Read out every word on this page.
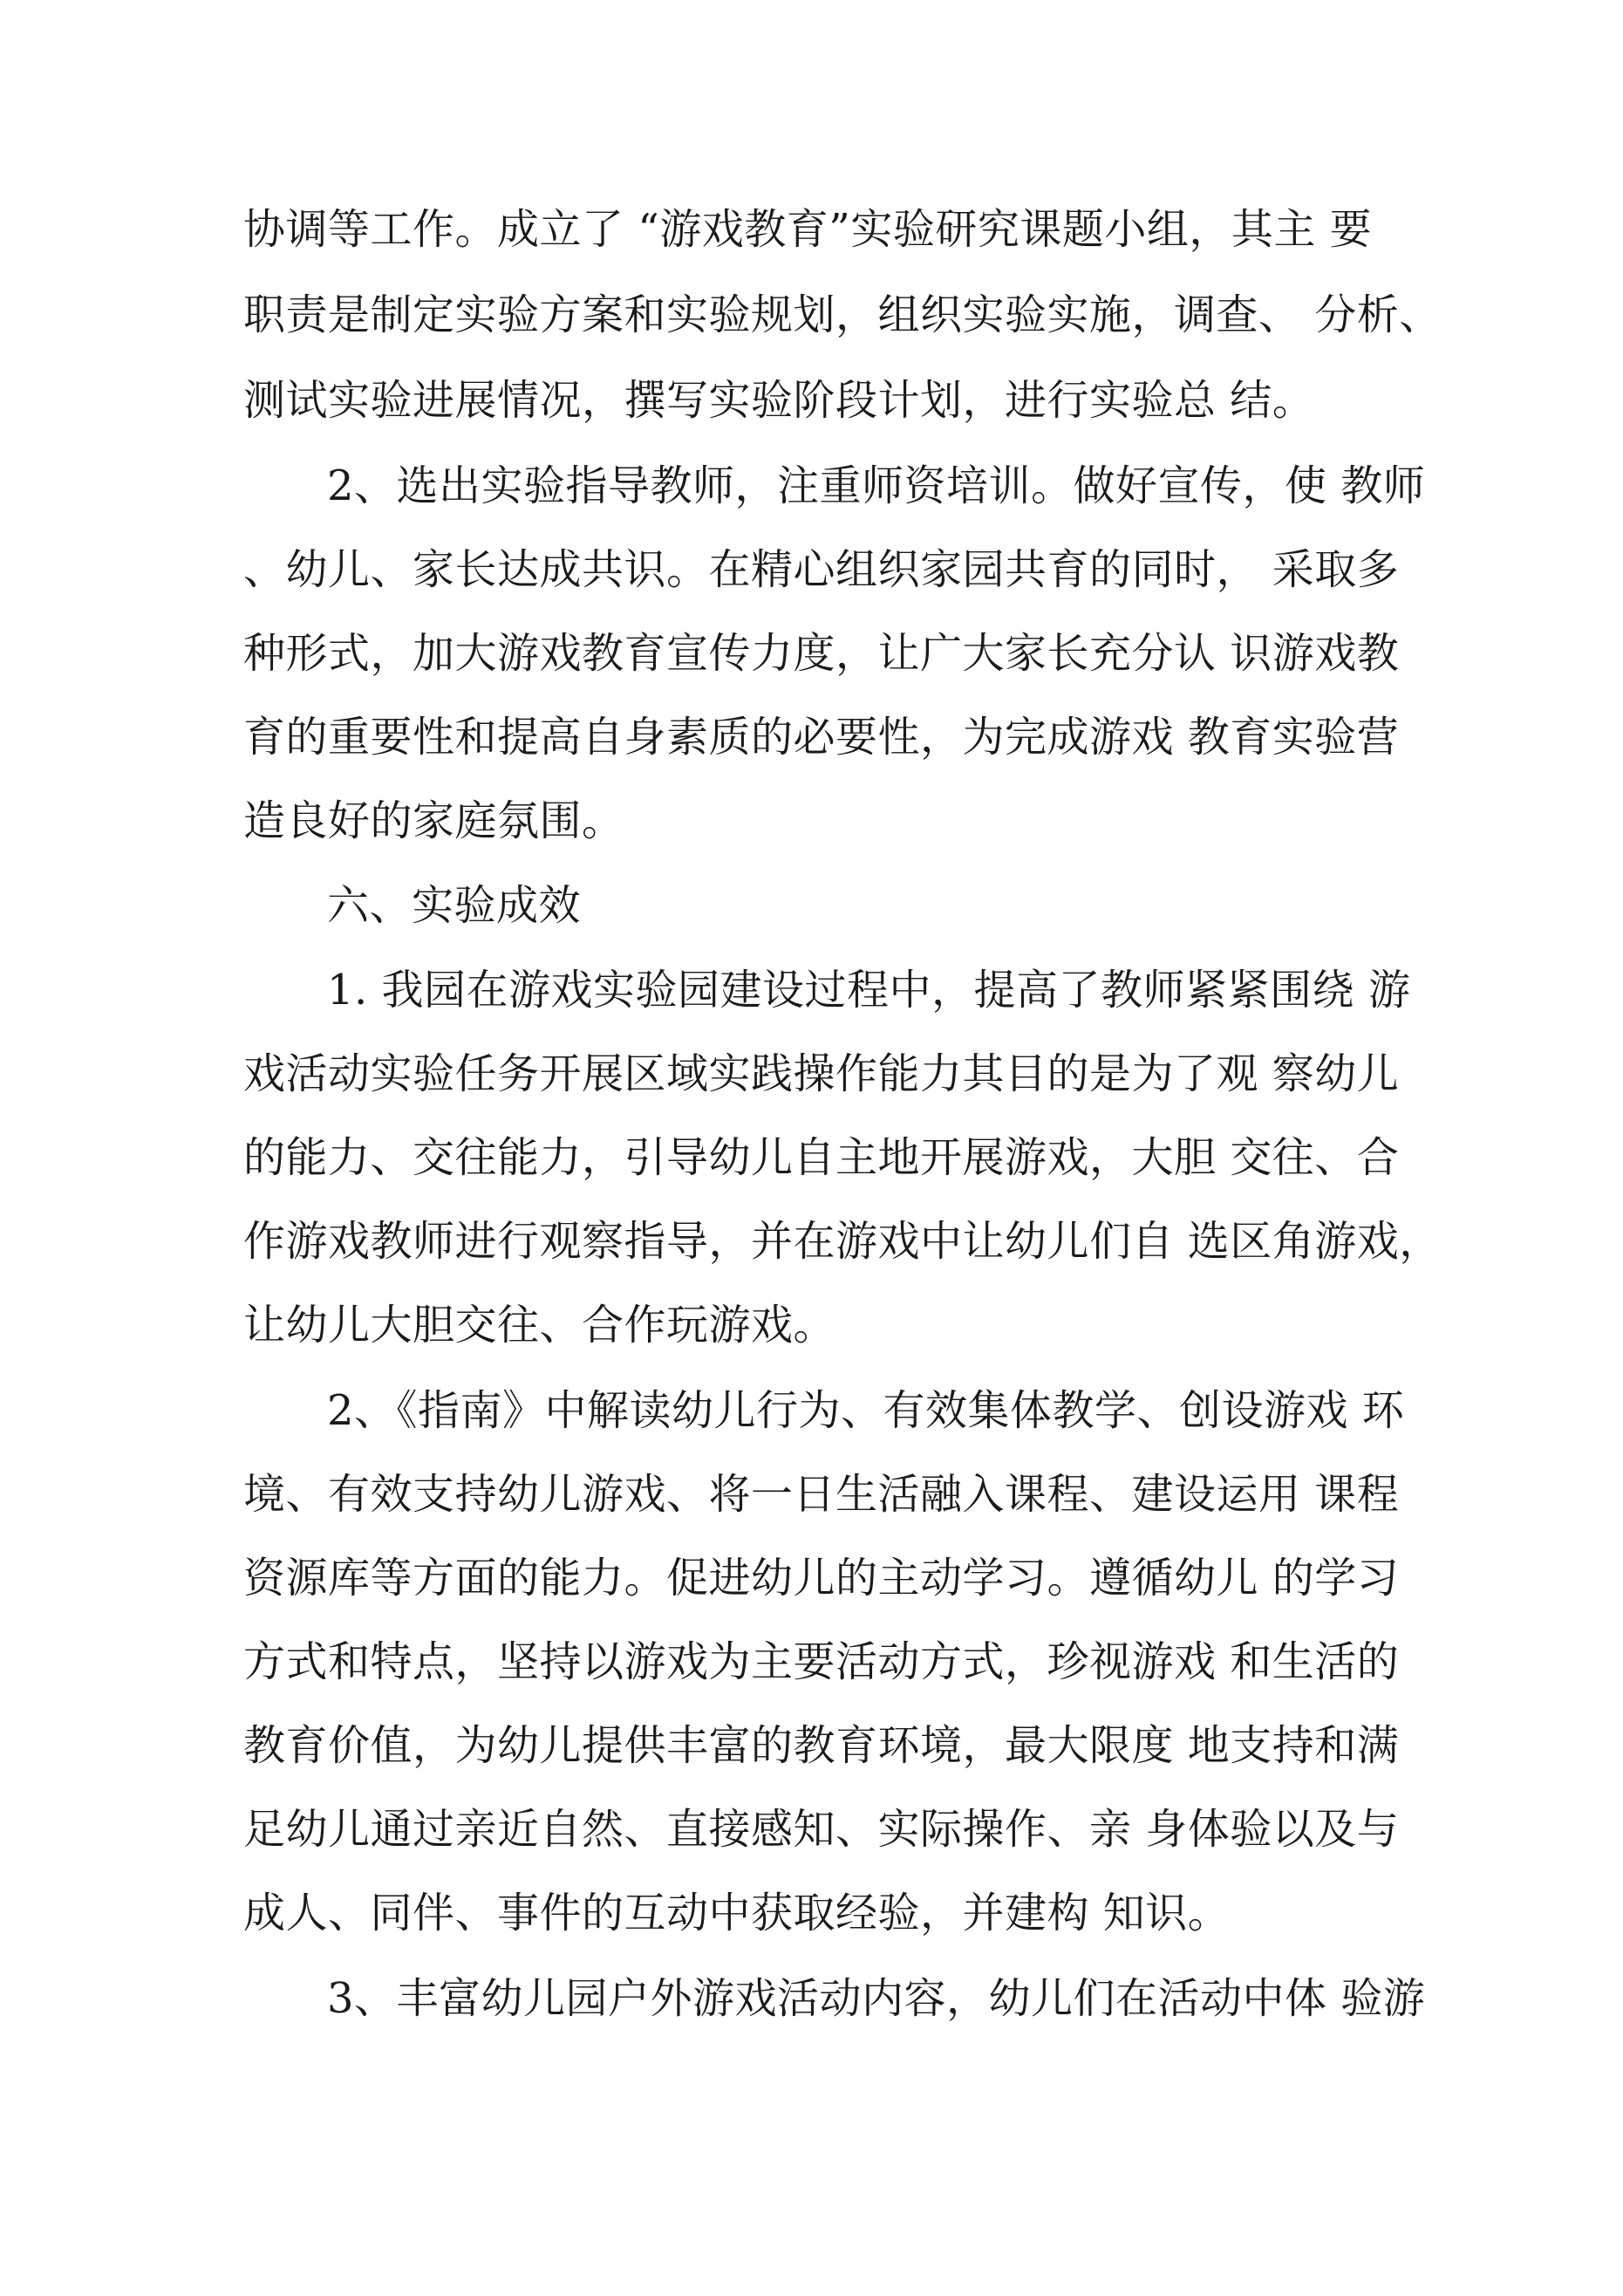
协调等工作。成立了 “游戏教育”实验研究课题小组，其主 要
职责是制定实验方案和实验规划，组织实验实施，调查、 分析、
测试实验进展情况，撰写实验阶段计划，进行实验总 结。
2、选出实验指导教师，注重师资培训。做好宣传，使 教师
、幼儿、家长达成共识。在精心组织家园共育的同时， 采取多
种形式，加大游戏教育宣传力度，让广大家长充分认 识游戏教
育的重要性和提高自身素质的必要性，为完成游戏 教育实验营
造良好的家庭氛围。
六、实验成效
1. 我园在游戏实验园建设过程中，提高了教师紧紧围绕 游
戏活动实验任务开展区域实践操作能力其目的是为了观 察幼儿
的能力、交往能力，引导幼儿自主地开展游戏，大胆 交往、合
作游戏教师进行观察指导，并在游戏中让幼儿们自 选区角游戏，
让幼儿大胆交往、合作玩游戏。
2、《指南》中解读幼儿行为、有效集体教学、创设游戏 环
境、有效支持幼儿游戏、将一日生活融入课程、建设运用 课程
资源库等方面的能力。促进幼儿的主动学习。遵循幼儿 的学习
方式和特点，坚持以游戏为主要活动方式，珍视游戏 和生活的
教育价值，为幼儿提供丰富的教育环境，最大限度 地支持和满
足幼儿通过亲近自然、直接感知、实际操作、亲 身体验以及与
成人、同伴、事件的互动中获取经验，并建构 知识。
3、丰富幼儿园户外游戏活动内容，幼儿们在活动中体 验游
